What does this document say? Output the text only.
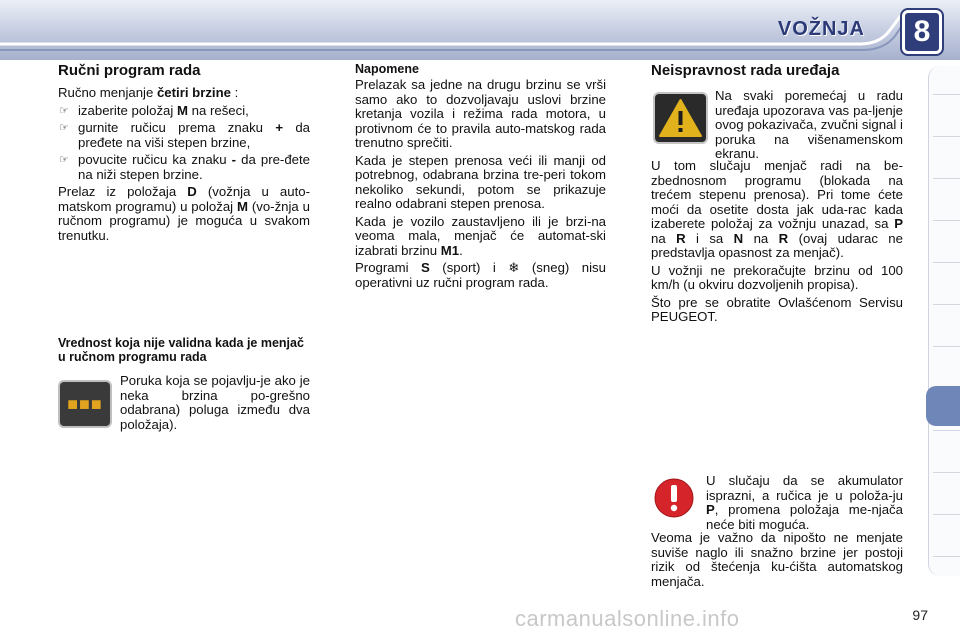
VOŽNJA	8
Ručni program rada

Ručno menjanje četiri brzine :

☞ izaberite položaj M na rešeci,
☞ gurnite ručicu prema znaku + da pređete na viši stepen brzine,
☞ povucite ručicu ka znaku - da pre-đete na niži stepen brzine.

Prelaz iz položaja D (vožnja u auto-matskom programu) u položaj M (vo-žnja u ručnom programu) je moguća u svakom trenutku.

Vrednost koja nije validna kada je menjač u ručnom programu rada
■■■
Poruka koja se pojavlju-je ako je neka brzina po-grešno odabrana) poluga između dva položaja).
Napomene

Prelazak sa jedne na drugu brzinu se vrši samo ako to dozvoljavaju uslovi brzine kretanja vozila i režima rada motora, u protivnom će to pravila auto-matskog rada trenutno sprečiti.

Kada je stepen prenosa veći ili manji od potrebnog, odabrana brzina tre-peri tokom nekoliko sekundi, potom se prikazuje realno odabrani stepen prenosa.

Kada je vozilo zaustavljeno ili je brzi-na veoma mala, menjač će automat-ski izabrati brzinu M1.

Programi S (sport) i ❄ (sneg) nisu operativni uz ručni program rada.

Neispravnost rada uređaja
Na svaki poremećaj u radu uređaja upozorava vas pa-ljenje ovog pokazivača, zvučni signal i poruka na višenamenskom ekranu.

U tom slučaju menjač radi na be-zbednosnom programu (blokada na trećem stepenu prenosa). Pri tome ćete moći da osetite dosta jak uda-rac kada izaberete položaj za vožnju unazad, sa P na R i sa N na R (ovaj udarac ne predstavlja opasnost za menjač).

U vožnji ne prekoračujte brzinu od 100 km/h (u okviru dozvoljenih propisa).

Što pre se obratite Ovlašćenom Servisu PEUGEOT.

U slučaju da se akumulator isprazni, a ručica je u položa-ju P, promena položaja me-njača neće biti moguća.
Veoma je važno da nipošto ne menjate suviše naglo ili snažno brzine jer postoji rizik od štećenja ku-ćišta automatskog menjača.
carmanualsonline.info	97
